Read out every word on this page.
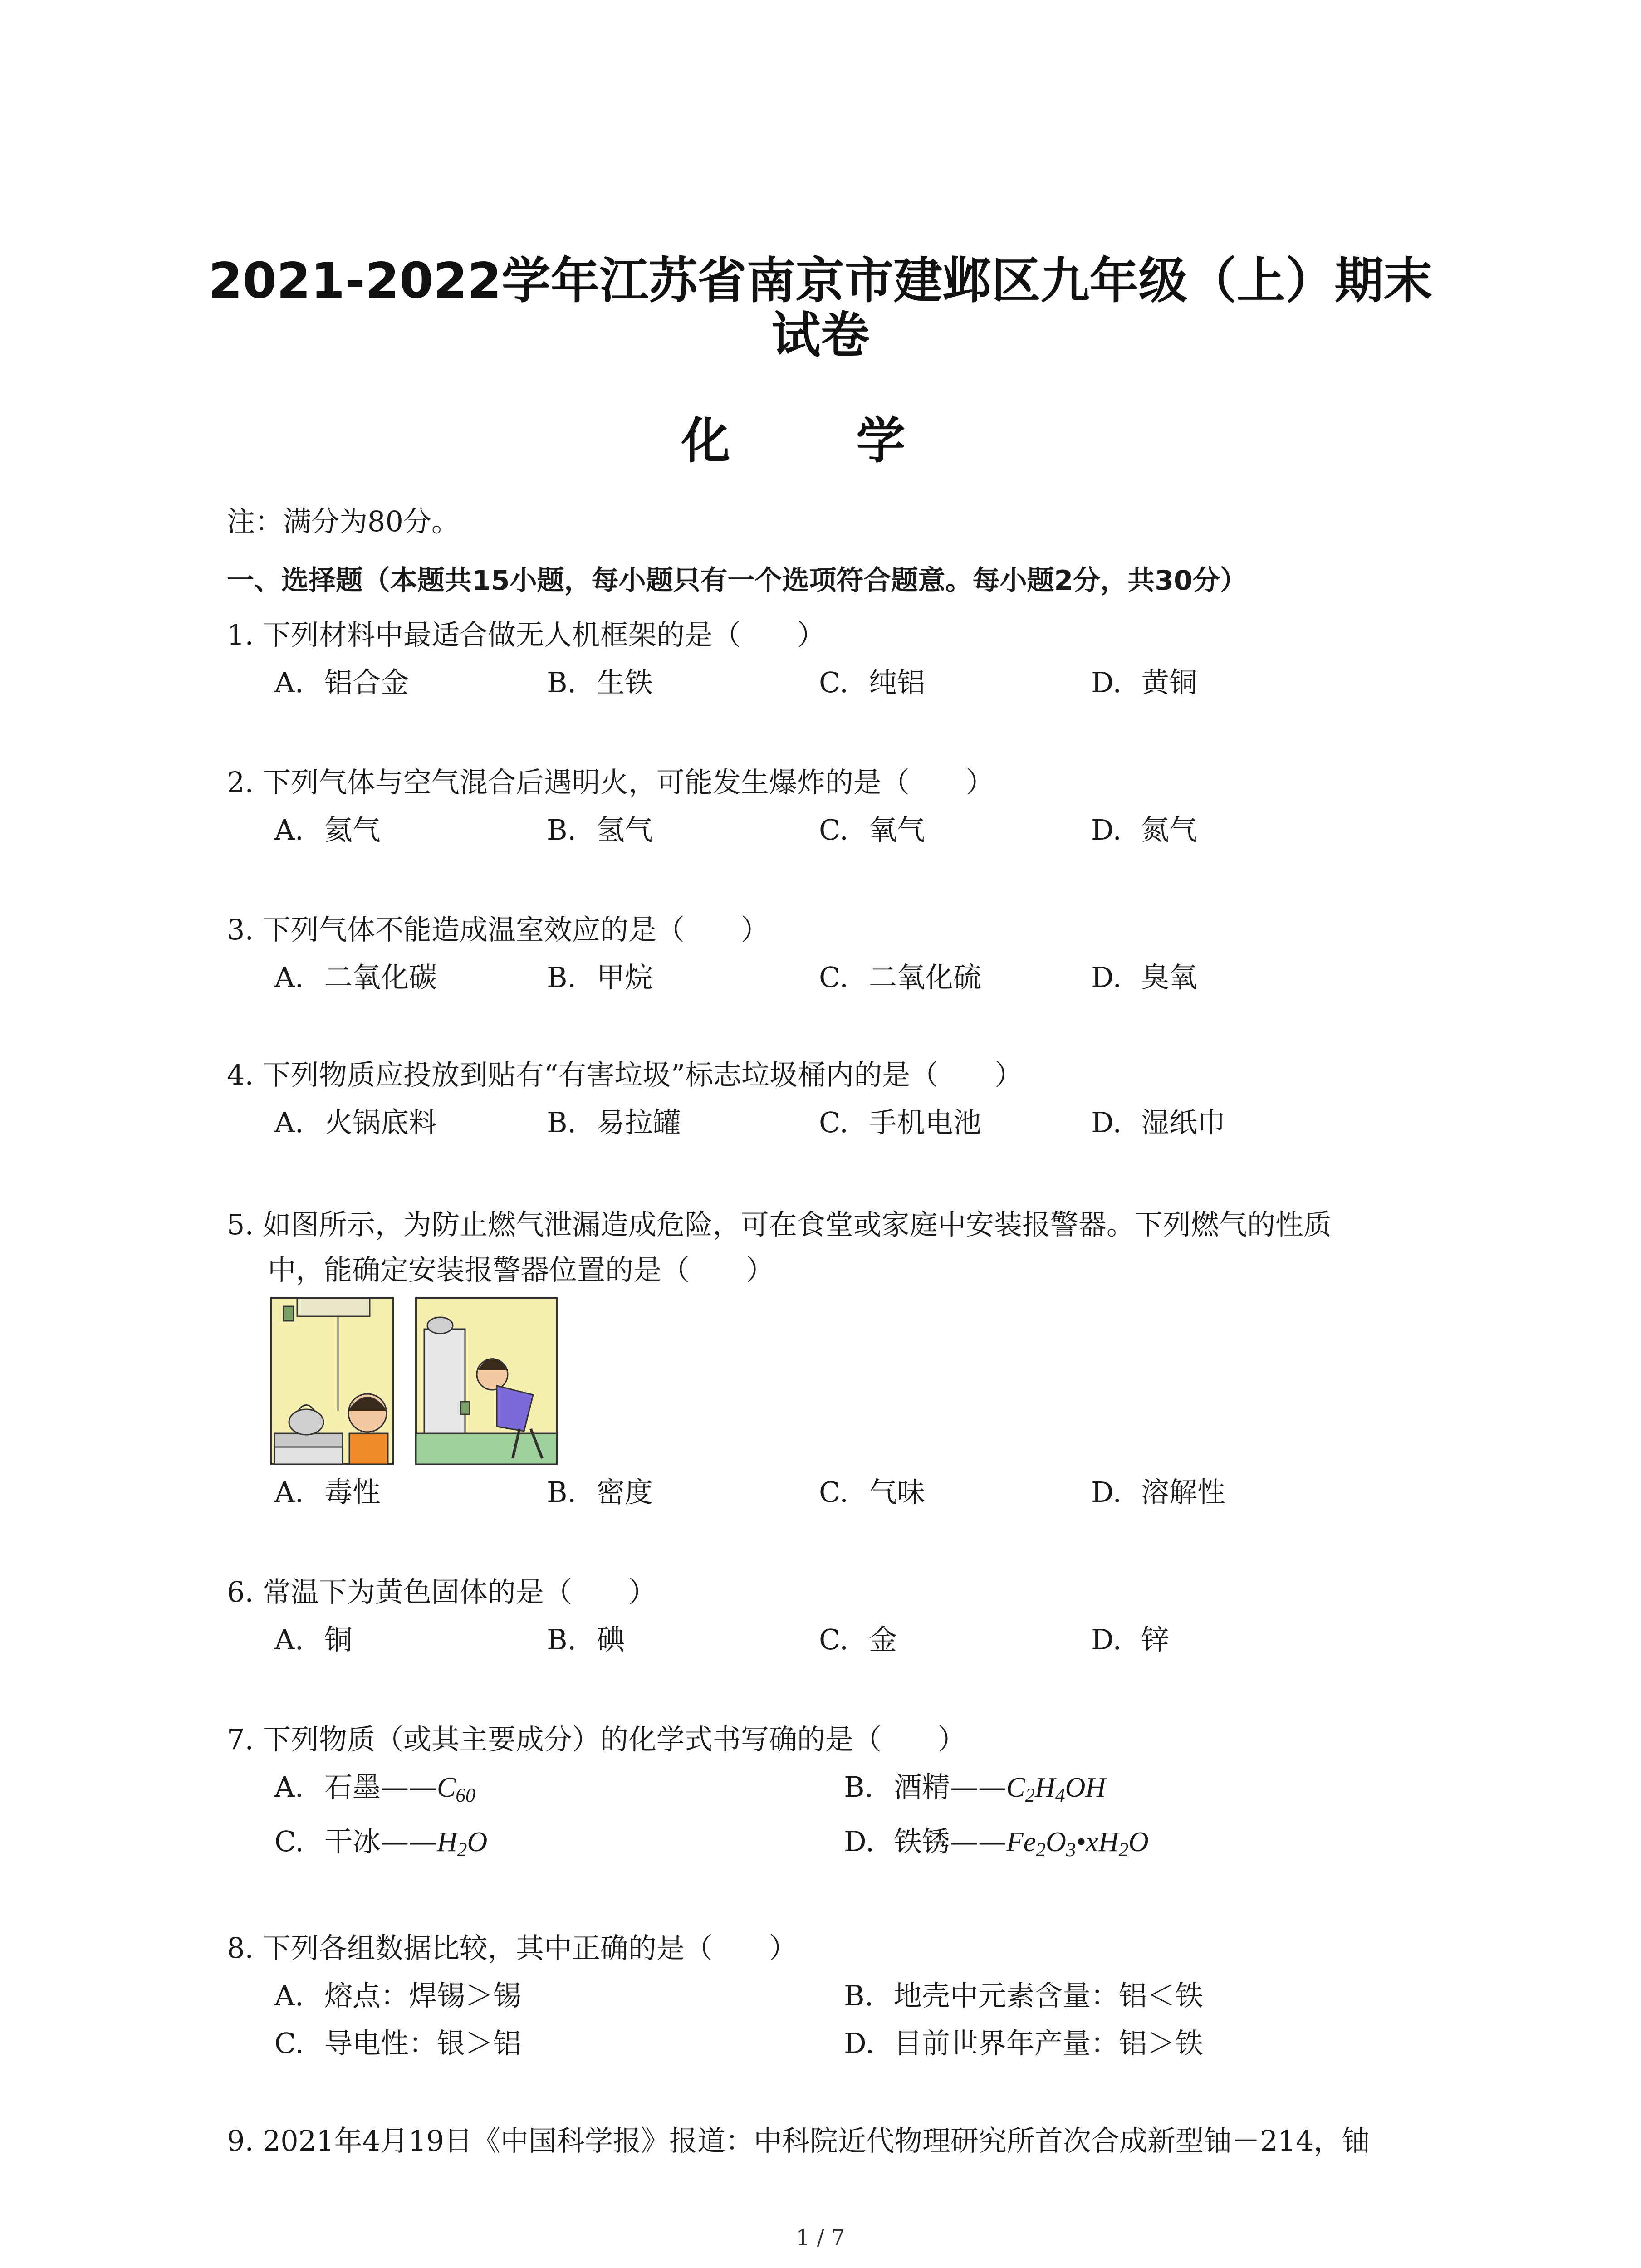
2021-2022学年江苏省南京市建邺区九年级（上）期末
试卷
化 学
注：满分为80分。
一、选择题（本题共15小题，每小题只有一个选项符合题意。每小题2分，共30分）
1. 下列材料中最适合做无人机框架的是（　　）
A. 铝合金	B. 生铁	C. 纯铝	D. 黄铜
2. 下列气体与空气混合后遇明火，可能发生爆炸的是（　　）
A. 氦气	B. 氢气	C. 氧气	D. 氮气
3. 下列气体不能造成温室效应的是（　　）
A. 二氧化碳	B. 甲烷	C. 二氧化硫	D. 臭氧
4. 下列物质应投放到贴有“有害垃圾”标志垃圾桶内的是（　　）
A. 火锅底料	B. 易拉罐	C. 手机电池	D. 湿纸巾
5. 如图所示，为防止燃气泄漏造成危险，可在食堂或家庭中安装报警器。下列燃气的性质
中，能确定安装报警器位置的是（　　）
A. 毒性	B. 密度	C. 气味	D. 溶解性
6. 常温下为黄色固体的是（　　）
A. 铜	B. 碘	C. 金	D. 锌
7. 下列物质（或其主要成分）的化学式书写确的是（　　）
A. 石墨$——C_{60}$	B. 酒精$——C_2H_4OH$
C. 干冰$——H_2O$	D. 铁锈$——Fe_2O_3•xH_2O$
8. 下列各组数据比较，其中正确的是（　　）
A. 熔点：焊锡＞锡	B. 地壳中元素含量：铝＜铁
C. 导电性：银＞铝	D. 目前世界年产量：铝＞铁
9. 2021年4月19日《中国科学报》报道：中科院近代物理研究所首次合成新型铀－214，铀
1 / 7
